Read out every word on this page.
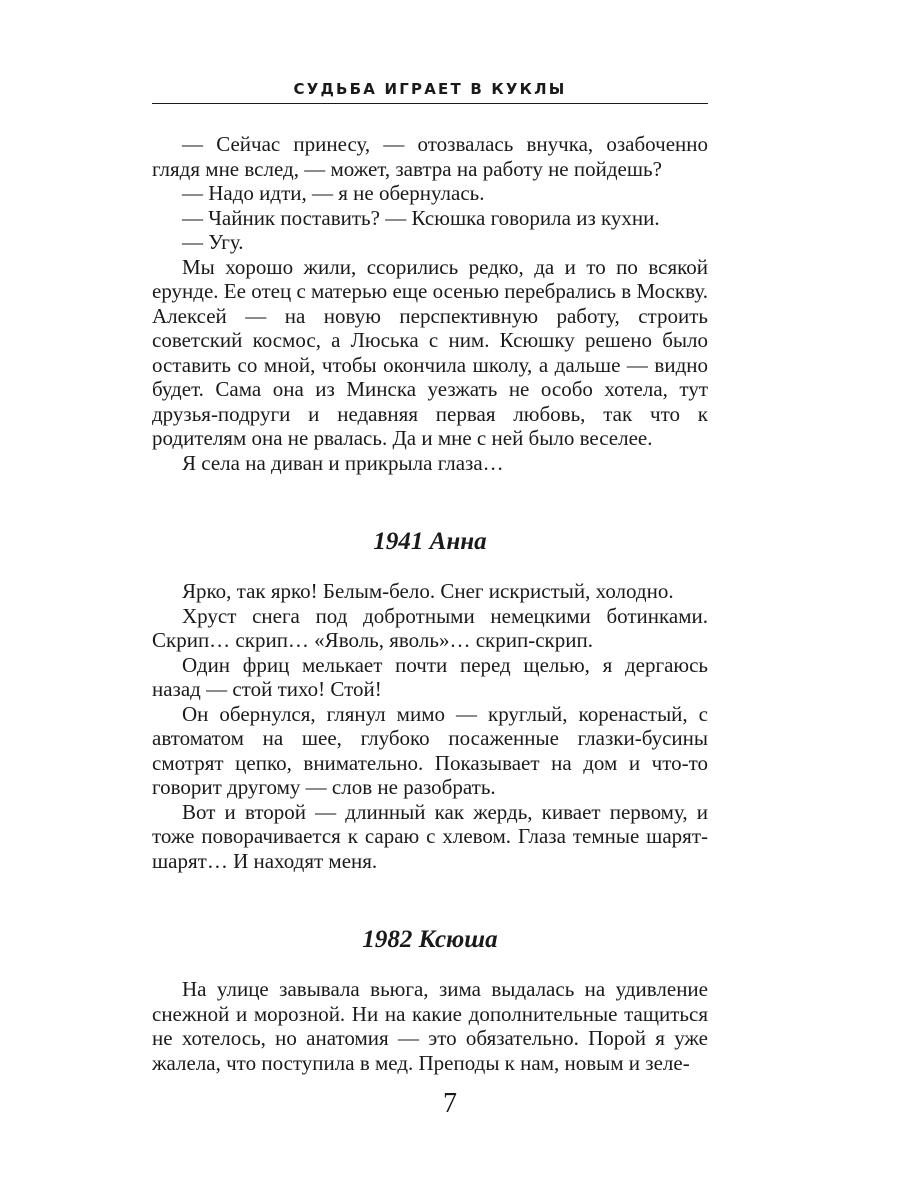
СУДЬБА ИГРАЕТ В КУКЛЫ

— Сейчас принесу, — отозвалась внучка, озабоченно глядя мне вслед, — может, завтра на работу не пойдешь?

— Надо идти, — я не обернулась.

— Чайник поставить? — Ксюшка говорила из кухни.

— Угу.

Мы хорошо жили, ссорились редко, да и то по всякой ерунде. Ее отец с матерью еще осенью перебрались в Москву. Алексей — на новую перспективную работу, строить советский космос, а Люська с ним. Ксюшку решено было оставить со мной, чтобы окончила школу, а дальше — видно будет. Сама она из Минска уезжать не особо хотела, тут друзья-подруги и недавняя первая любовь, так что к родителям она не рвалась. Да и мне с ней было веселее.

Я села на диван и прикрыла глаза…

1941 Анна

Ярко, так ярко! Белым-бело. Снег искристый, холодно.

Хруст снега под добротными немецкими ботинками. Скрип… скрип… «Яволь, яволь»… скрип-скрип.

Один фриц мелькает почти перед щелью, я дергаюсь назад — стой тихо! Стой!

Он обернулся, глянул мимо — круглый, коренастый, с автоматом на шее, глубоко посаженные глазки-бусины смотрят цепко, внимательно. Показывает на дом и что-то говорит другому — слов не разобрать.

Вот и второй — длинный как жердь, кивает первому, и тоже поворачивается к сараю с хлевом. Глаза темные шарят-шарят… И находят меня.

1982 Ксюша

На улице завывала вьюга, зима выдалась на удивление снежной и морозной. Ни на какие дополнительные тащиться не хотелось, но анатомия — это обязательно. Порой я уже жалела, что поступила в мед. Преподы к нам, новым и зеле-

7
